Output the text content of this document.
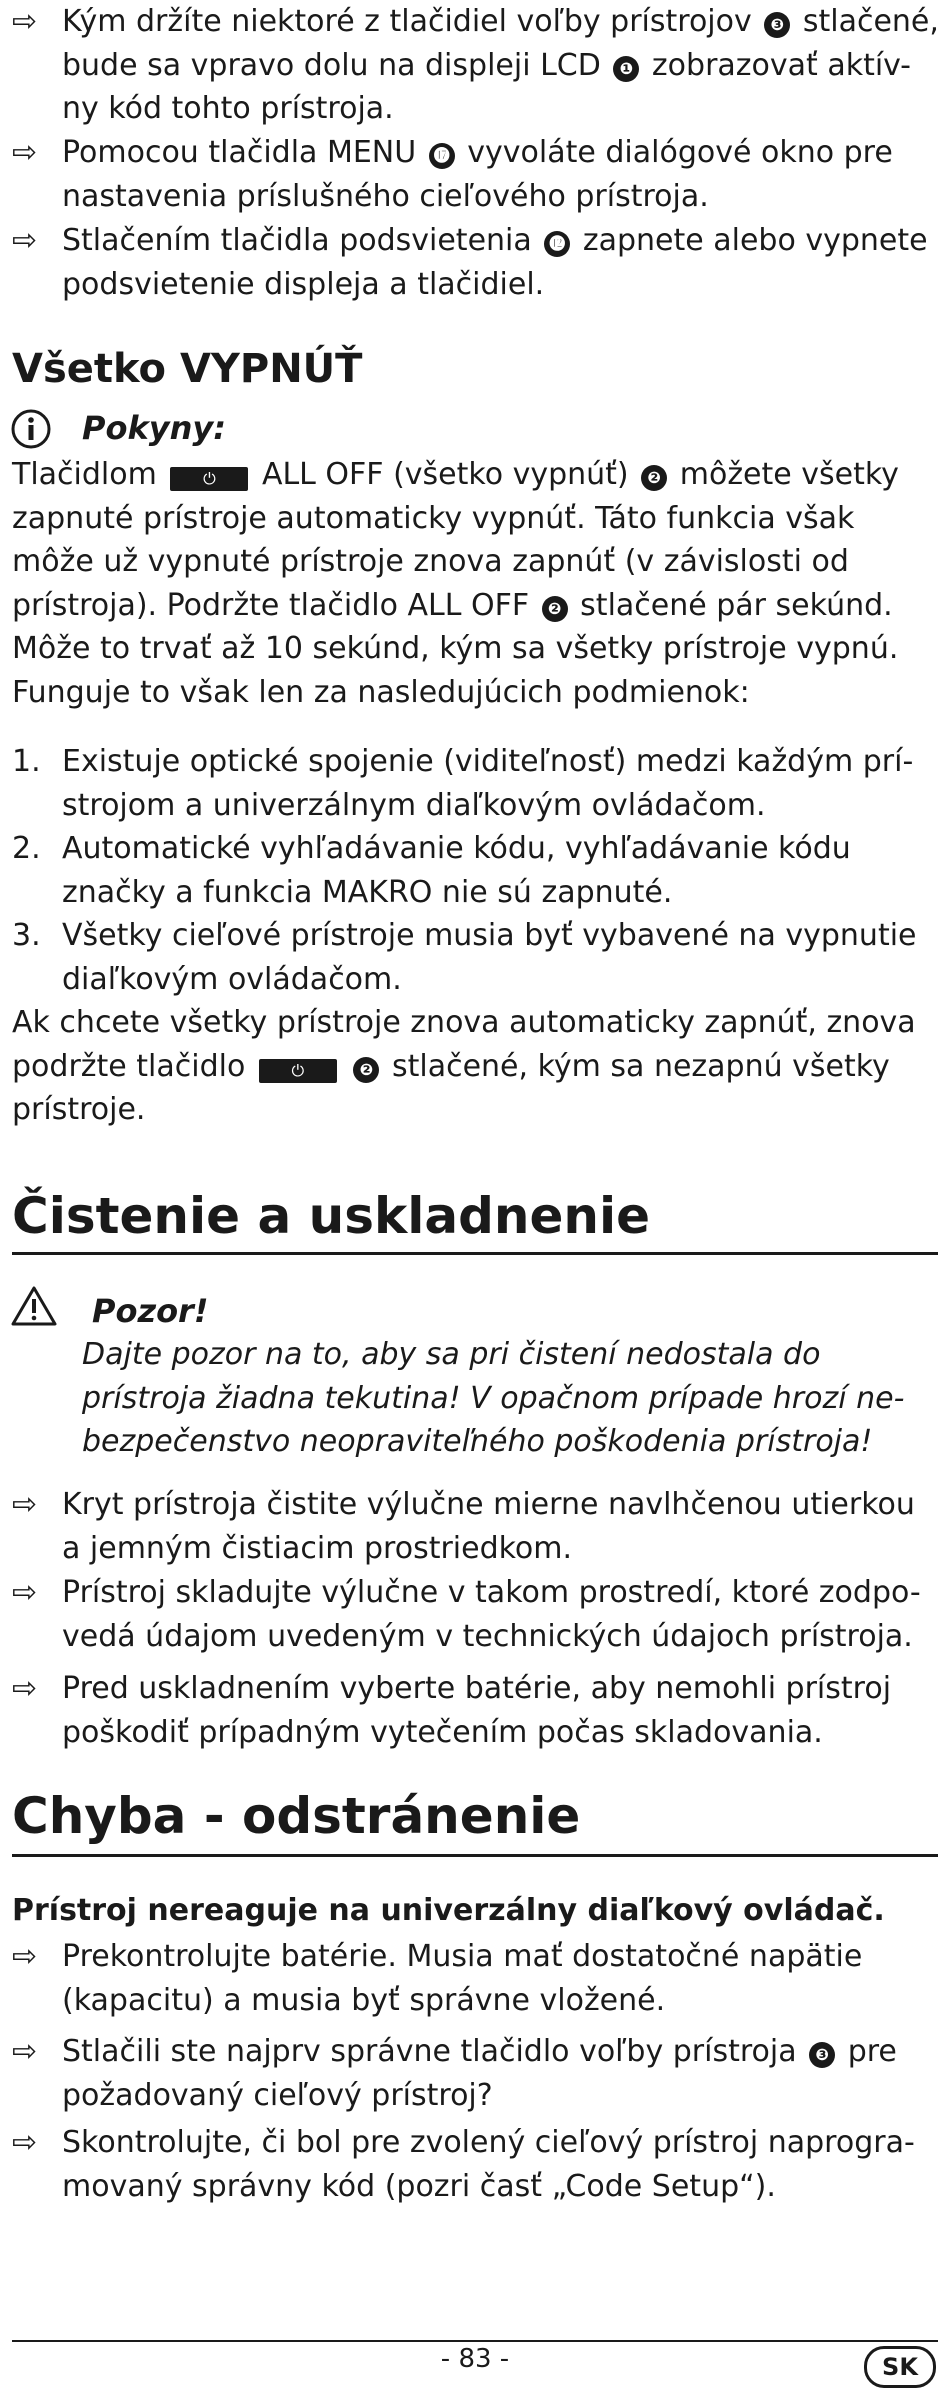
⇨ Kým držíte niektoré z tlačidiel voľby prístrojov ❸ stlačené,
bude sa vpravo dolu na displeji LCD ❶ zobrazovať aktív-
ny kód tohto prístroja.
⇨ Pomocou tlačidla MENU ⓱ vyvoláte dialógové okno pre
nastavenia príslušného cieľového prístroja.
⇨ Stlačením tlačidla podsvietenia ⓬ zapnete alebo vypnete
podsvietenie displeja a tlačidiel.
Všetko VYPNÚŤ
Pokyny:
Tlačidlom	⏻ ALL OFF (všetko vypnúť) ❷ môžete všetky
zapnuté prístroje automaticky vypnúť. Táto funkcia však
môže už vypnuté prístroje znova zapnúť (v závislosti od
prístroja). Podržte tlačidlo ALL OFF ❷ stlačené pár sekúnd.
Môže to trvať až 10 sekúnd, kým sa všetky prístroje vypnú.
Funguje to však len za nasledujúcich podmienok:
1. Existuje optické spojenie (viditeľnosť) medzi každým prí-
strojom a univerzálnym diaľkovým ovládačom.
2. Automatické vyhľadávanie kódu, vyhľadávanie kódu
značky a funkcia MAKRO nie sú zapnuté.
3. Všetky cieľové prístroje musia byť vybavené na vypnutie
diaľkovým ovládačom.
Ak chcete všetky prístroje znova automaticky zapnúť, znova
podržte tlačidlo	⏻	❷ stlačené, kým sa nezapnú všetky
prístroje.
Čistenie a uskladnenie
Pozor!
Dajte pozor na to, aby sa pri čistení nedostala do
prístroja žiadna tekutina! V opačnom prípade hrozí ne-
bezpečenstvo neopraviteľného poškodenia prístroja!
⇨ Kryt prístroja čistite výlučne mierne navlhčenou utierkou
a jemným čistiacim prostriedkom.
⇨ Prístroj skladujte výlučne v takom prostredí, ktoré zodpo-
vedá údajom uvedeným v technických údajoch prístroja.
⇨ Pred uskladnením vyberte batérie, aby nemohli prístroj
poškodiť prípadným vytečením počas skladovania.
Chyba - odstránenie
Prístroj nereaguje na univerzálny diaľkový ovládač.
⇨ Prekontrolujte batérie. Musia mať dostatočné napätie
(kapacitu) a musia byť správne vložené.
⇨ Stlačili ste najprv správne tlačidlo voľby prístroja ❸ pre
požadovaný cieľový prístroj?
⇨ Skontrolujte, či bol pre zvolený cieľový prístroj naprogra-
movaný správny kód (pozri časť „Code Setup“).
- 83 -	SK
